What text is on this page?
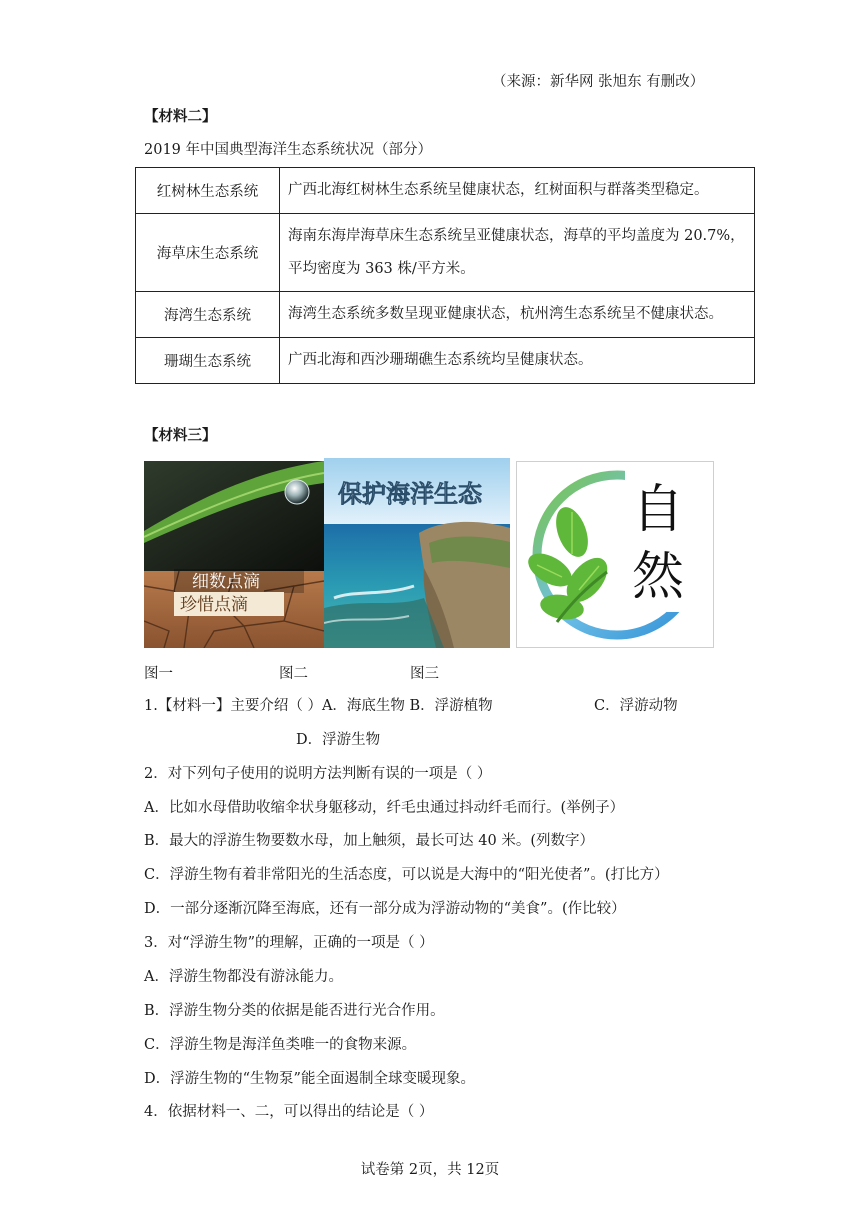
（来源：新华网 张旭东 有删改）
【材料二】
2019 年中国典型海洋生态系统状况（部分）
红树林生态系统	广西北海红树林生态系统呈健康状态，红树面积与群落类型稳定。
海草床生态系统	海南东海岸海草床生态系统呈亚健康状态，海草的平均盖度为 20.7%，平均密度为 363 株/平方米。
海湾生态系统	海湾生态系统多数呈现亚健康状态，杭州湾生态系统呈不健康状态。
珊瑚生态系统	广西北海和西沙珊瑚礁生态系统均呈健康状态。
【材料三】
细数点滴
珍惜点滴
保护海洋生态	自
然
图一	图二	图三
1.【材料一】主要介绍（ ）A．海底生物 B．浮游植物	C．浮游动物
D．浮游生物
2．对下列句子使用的说明方法判断有误的一项是（ ）
A．比如水母借助收缩伞状身躯移动，纤毛虫通过抖动纤毛而行。(举例子）
B．最大的浮游生物要数水母，加上触须，最长可达 40 米。(列数字）
C．浮游生物有着非常阳光的生活态度，可以说是大海中的“阳光使者”。(打比方）
D．一部分逐渐沉降至海底，还有一部分成为浮游动物的“美食”。(作比较）
3．对“浮游生物”的理解，正确的一项是（ ）
A．浮游生物都没有游泳能力。
B．浮游生物分类的依据是能否进行光合作用。
C．浮游生物是海洋鱼类唯一的食物来源。
D．浮游生物的“生物泵”能全面遏制全球变暖现象。
4．依据材料一、二，可以得出的结论是（ ）
试卷第 2页，共 12页
